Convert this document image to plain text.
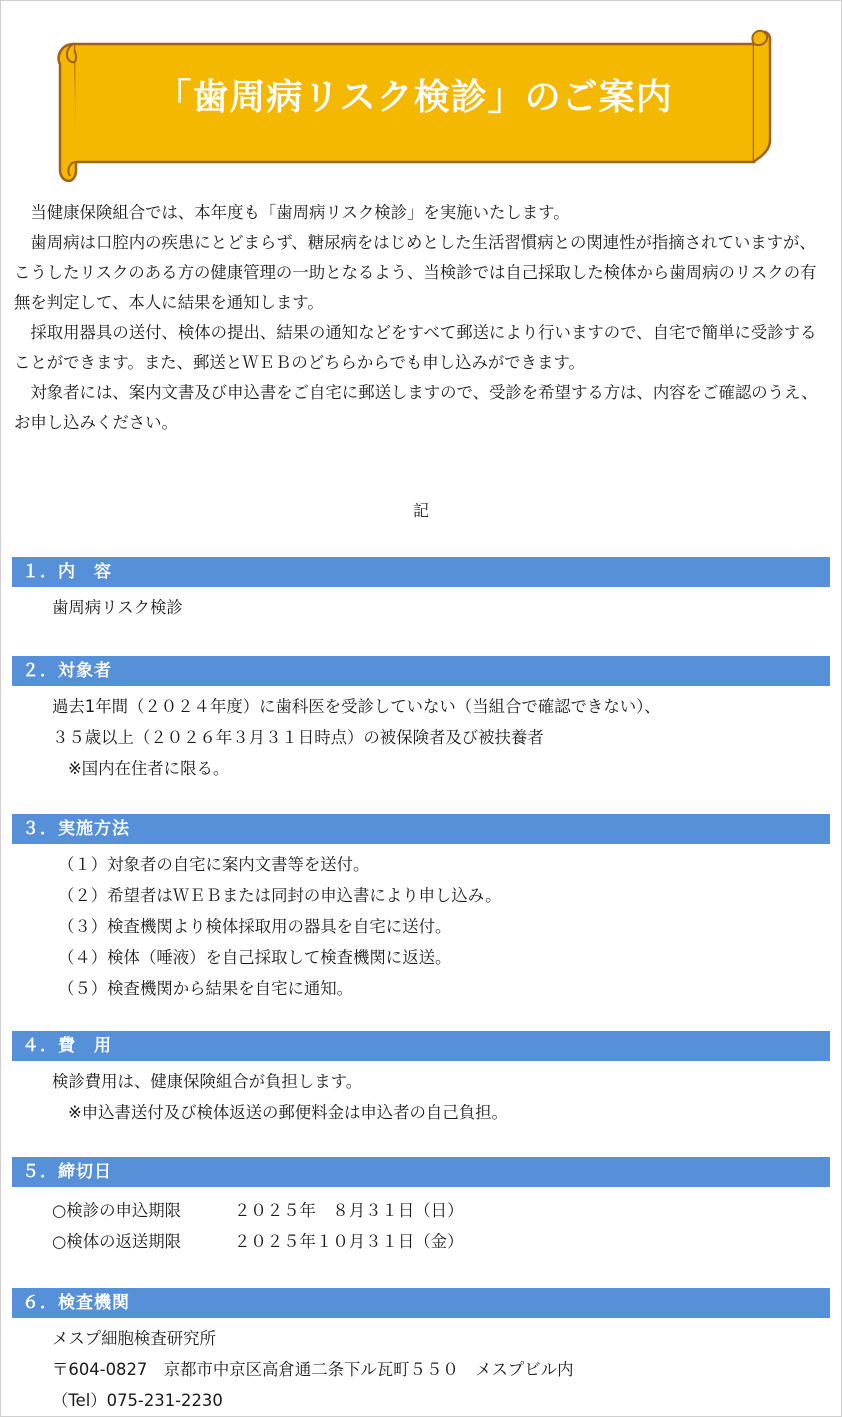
「歯周病リスク検診」のご案内

当健康保険組合では、本年度も「歯周病リスク検診」を実施いたします。

歯周病は口腔内の疾患にとどまらず、糖尿病をはじめとした生活習慣病との関連性が指摘されていますが、こうしたリスクのある方の健康管理の一助となるよう、当検診では自己採取した検体から歯周病のリスクの有無を判定して、本人に結果を通知します。

採取用器具の送付、検体の提出、結果の通知などをすべて郵送により行いますので、自宅で簡単に受診することができます。また、郵送とＷＥＢのどちらからでも申し込みができます。

対象者には、案内文書及び申込書をご自宅に郵送しますので、受診を希望する方は、内容をご確認のうえ、お申し込みください。

記
１．内　容
歯周病リスク検診
２．対象者
過去1年間（２０２４年度）に歯科医を受診していない（当組合で確認できない）、
３５歳以上（２０２６年３月３１日時点）の被保険者及び被扶養者
※国内在住者に限る。
３．実施方法
（１）対象者の自宅に案内文書等を送付。
（２）希望者はＷＥＢまたは同封の申込書により申し込み。
（３）検査機関より検体採取用の器具を自宅に送付。
（４）検体（唾液）を自己採取して検査機関に返送。
（５）検査機関から結果を自宅に通知。
４．費　用
検診費用は、健康保険組合が負担します。
※申込書送付及び検体返送の郵便料金は申込者の自己負担。
５．締切日
○検診の申込期限	２０２５年　８月３１日（日）
○検体の返送期限	２０２５年１０月３１日（金）
６．検査機関
メスプ細胞検査研究所
〒604-0827　京都市中京区高倉通二条下ル瓦町５５０　メスプビル内
（Tel）075-231-2230
